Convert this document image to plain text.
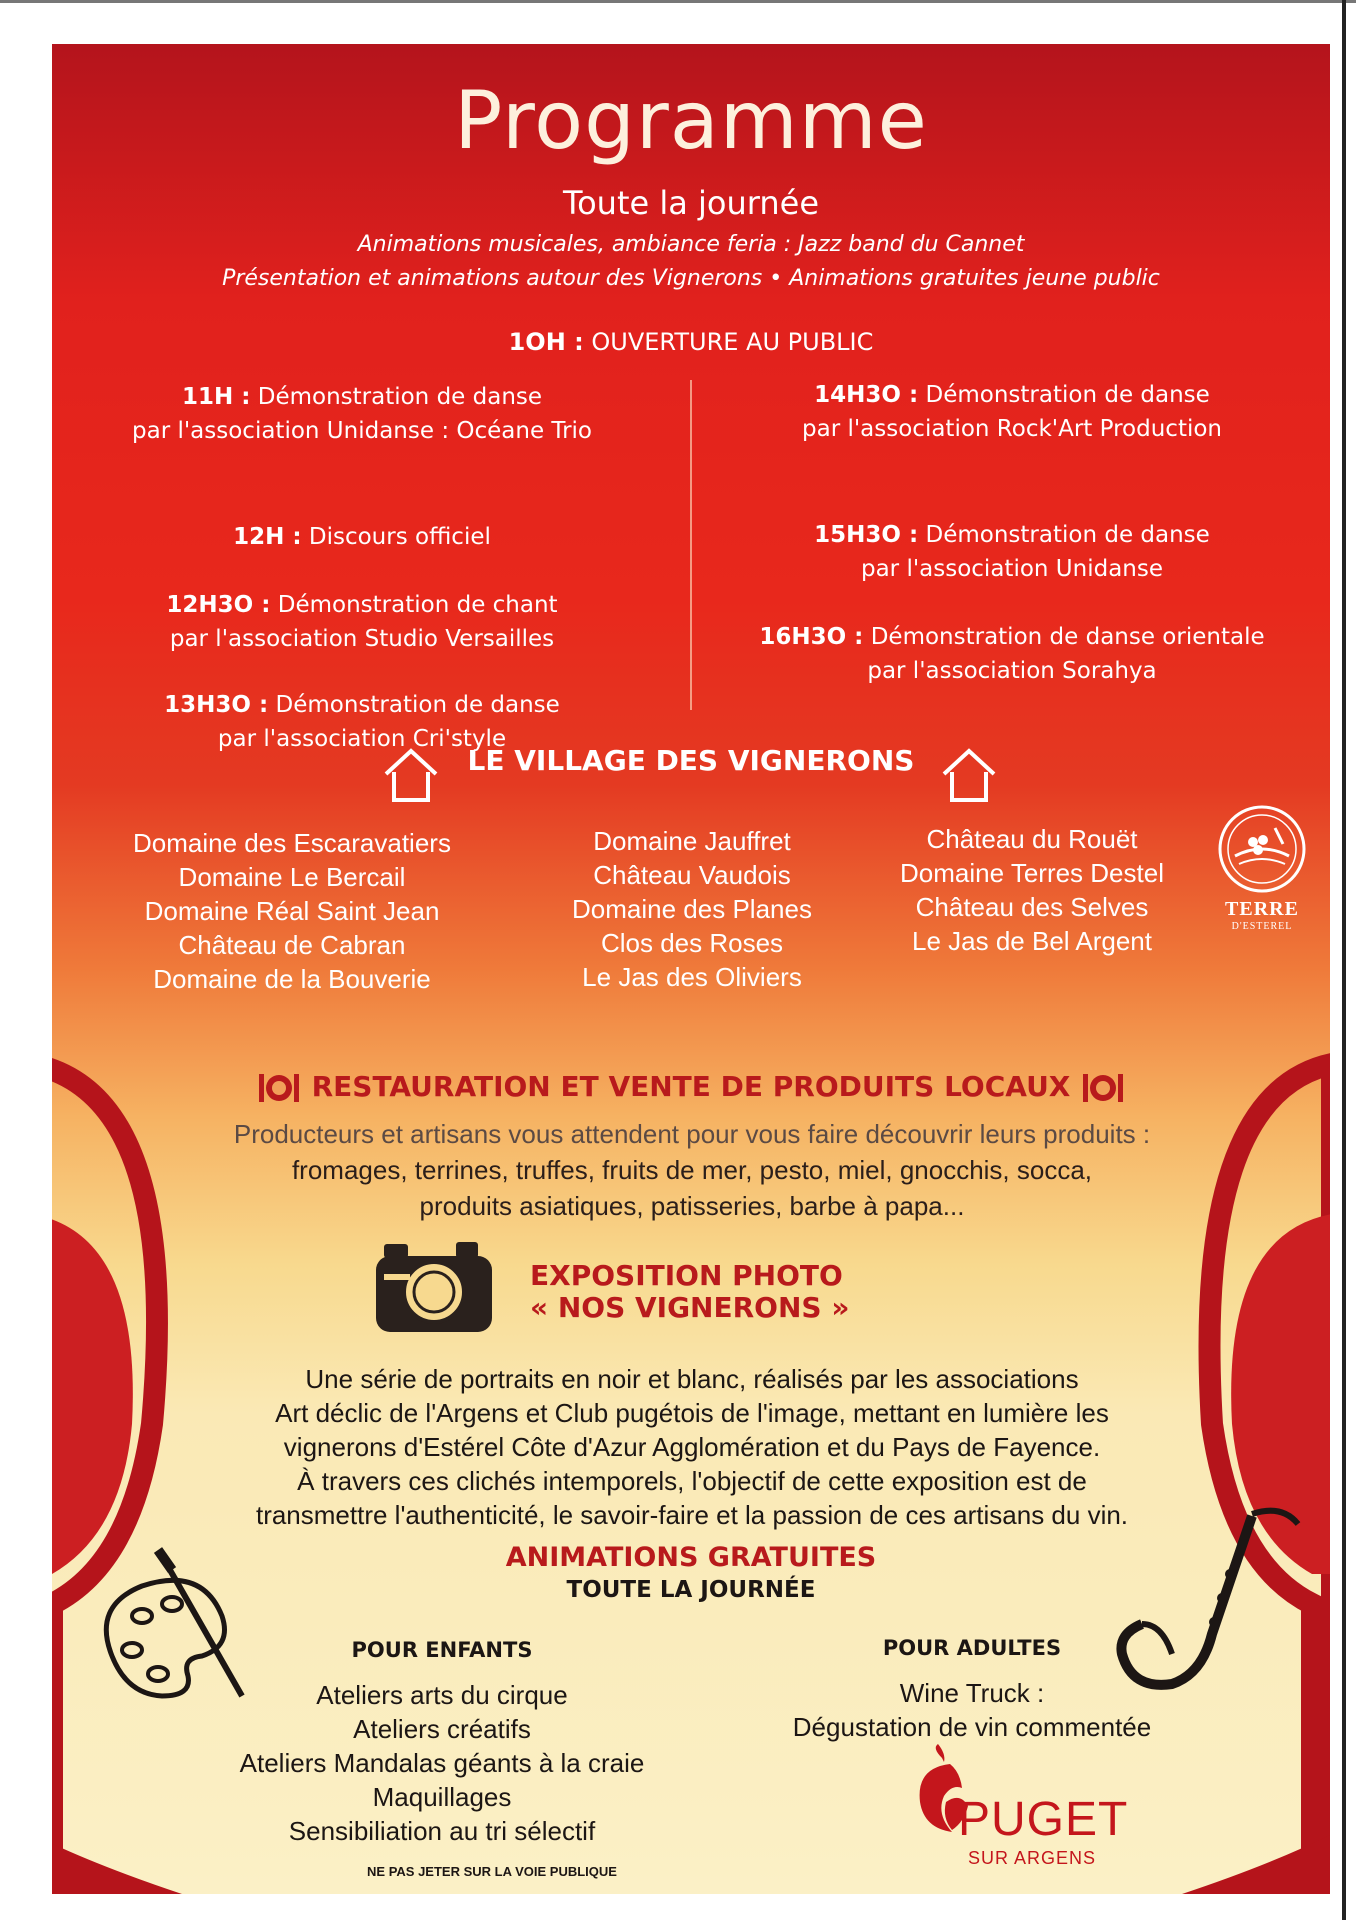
Programme
Toute la journée
Animations musicales, ambiance feria : Jazz band du Cannet
Présentation et animations autour des Vignerons • Animations gratuites jeune public
1OH : OUVERTURE AU PUBLIC
11H : Démonstration de danse
par l'association Unidanse : Océane Trio
12H : Discours officiel
12H3O : Démonstration de chant
par l'association Studio Versailles
13H3O : Démonstration de danse
par l'association Cri'style
14H3O : Démonstration de danse
par l'association Rock'Art Production
15H3O : Démonstration de danse
par l'association Unidanse
16H3O : Démonstration de danse orientale
par l'association Sorahya
LE VILLAGE DES VIGNERONS
Domaine des Escaravatiers
Domaine Le Bercail
Domaine Réal Saint Jean
Château de Cabran
Domaine de la Bouverie
Domaine Jauffret
Château Vaudois
Domaine des Planes
Clos des Roses
Le Jas des Oliviers
Château du Rouët
Domaine Terres Destel
Château des Selves
Le Jas de Bel Argent
TERRE
D'ESTEREL
RESTAURATION ET VENTE DE PRODUITS LOCAUX
Producteurs et artisans vous attendent pour vous faire découvrir leurs produits :
fromages, terrines, truffes, fruits de mer, pesto, miel, gnocchis, socca,
produits asiatiques, patisseries, barbe à papa...
EXPOSITION PHOTO
« NOS VIGNERONS »
Une série de portraits en noir et blanc, réalisés par les associations
Art déclic de l'Argens et Club pugétois de l'image, mettant en lumière les
vignerons d'Estérel Côte d'Azur Agglomération et du Pays de Fayence.
À travers ces clichés intemporels, l'objectif de cette exposition est de
transmettre l'authenticité, le savoir-faire et la passion de ces artisans du vin.
ANIMATIONS GRATUITES
TOUTE LA JOURNÉE
POUR ENFANTS
Ateliers arts du cirque
Ateliers créatifs
Ateliers Mandalas géants à la craie
Maquillages
Sensibiliation au tri sélectif
POUR ADULTES
Wine Truck :
Dégustation de vin commentée
PUGET
SUR ARGENS
NE PAS JETER SUR LA VOIE PUBLIQUE
